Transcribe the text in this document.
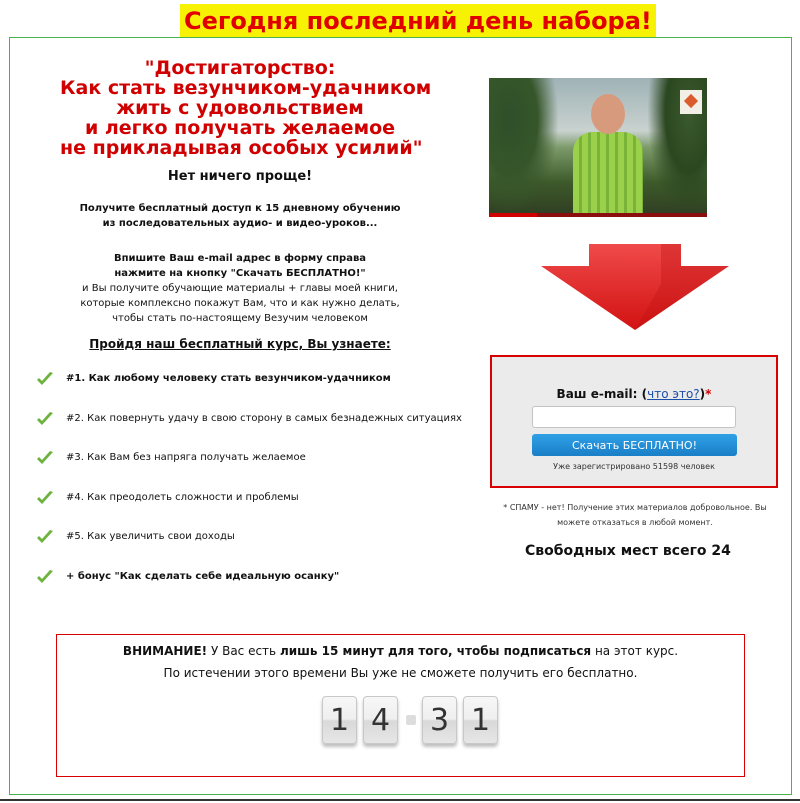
Сегодня последний день набора!
"Достигаторство:
Как стать везунчиком-удачником
жить с удовольствием
и легко получать желаемое
не прикладывая особых усилий"
Нет ничего проще!
Получите бесплатный доступ к 15 дневному обучению
из последовательных аудио- и видео-уроков...
Впишите Ваш e-mail адрес в форму справа
нажмите на кнопку "Скачать БЕСПЛАТНО!"
и Вы получите обучающие материалы + главы моей книги,
которые комплексно покажут Вам, что и как нужно делать,
чтобы стать по-настоящему Везучим человеком
Пройдя наш бесплатный курс, Вы узнаете:
#1. Как любому человеку стать везунчиком-удачником
#2. Как повернуть удачу в свою сторону в самых безнадежных ситуациях
#3. Как Вам без напряга получать желаемое
#4. Как преодолеть сложности и проблемы
#5. Как увеличить свои доходы
+ бонус "Как сделать себе идеальную осанку"
Ваш e-mail: (что это?)*
Скачать БЕСПЛАТНО!
Уже зарегистрировано 51598 человек
* СПАМУ - нет! Получение этих материалов добровольное. Вы
можете отказаться в любой момент.
Свободных мест всего 24
ВНИМАНИЕ! У Вас есть лишь 15 минут для того, чтобы подписаться на этот курс.
По истечении этого времени Вы уже не сможете получить его бесплатно.
1 4 3 1
